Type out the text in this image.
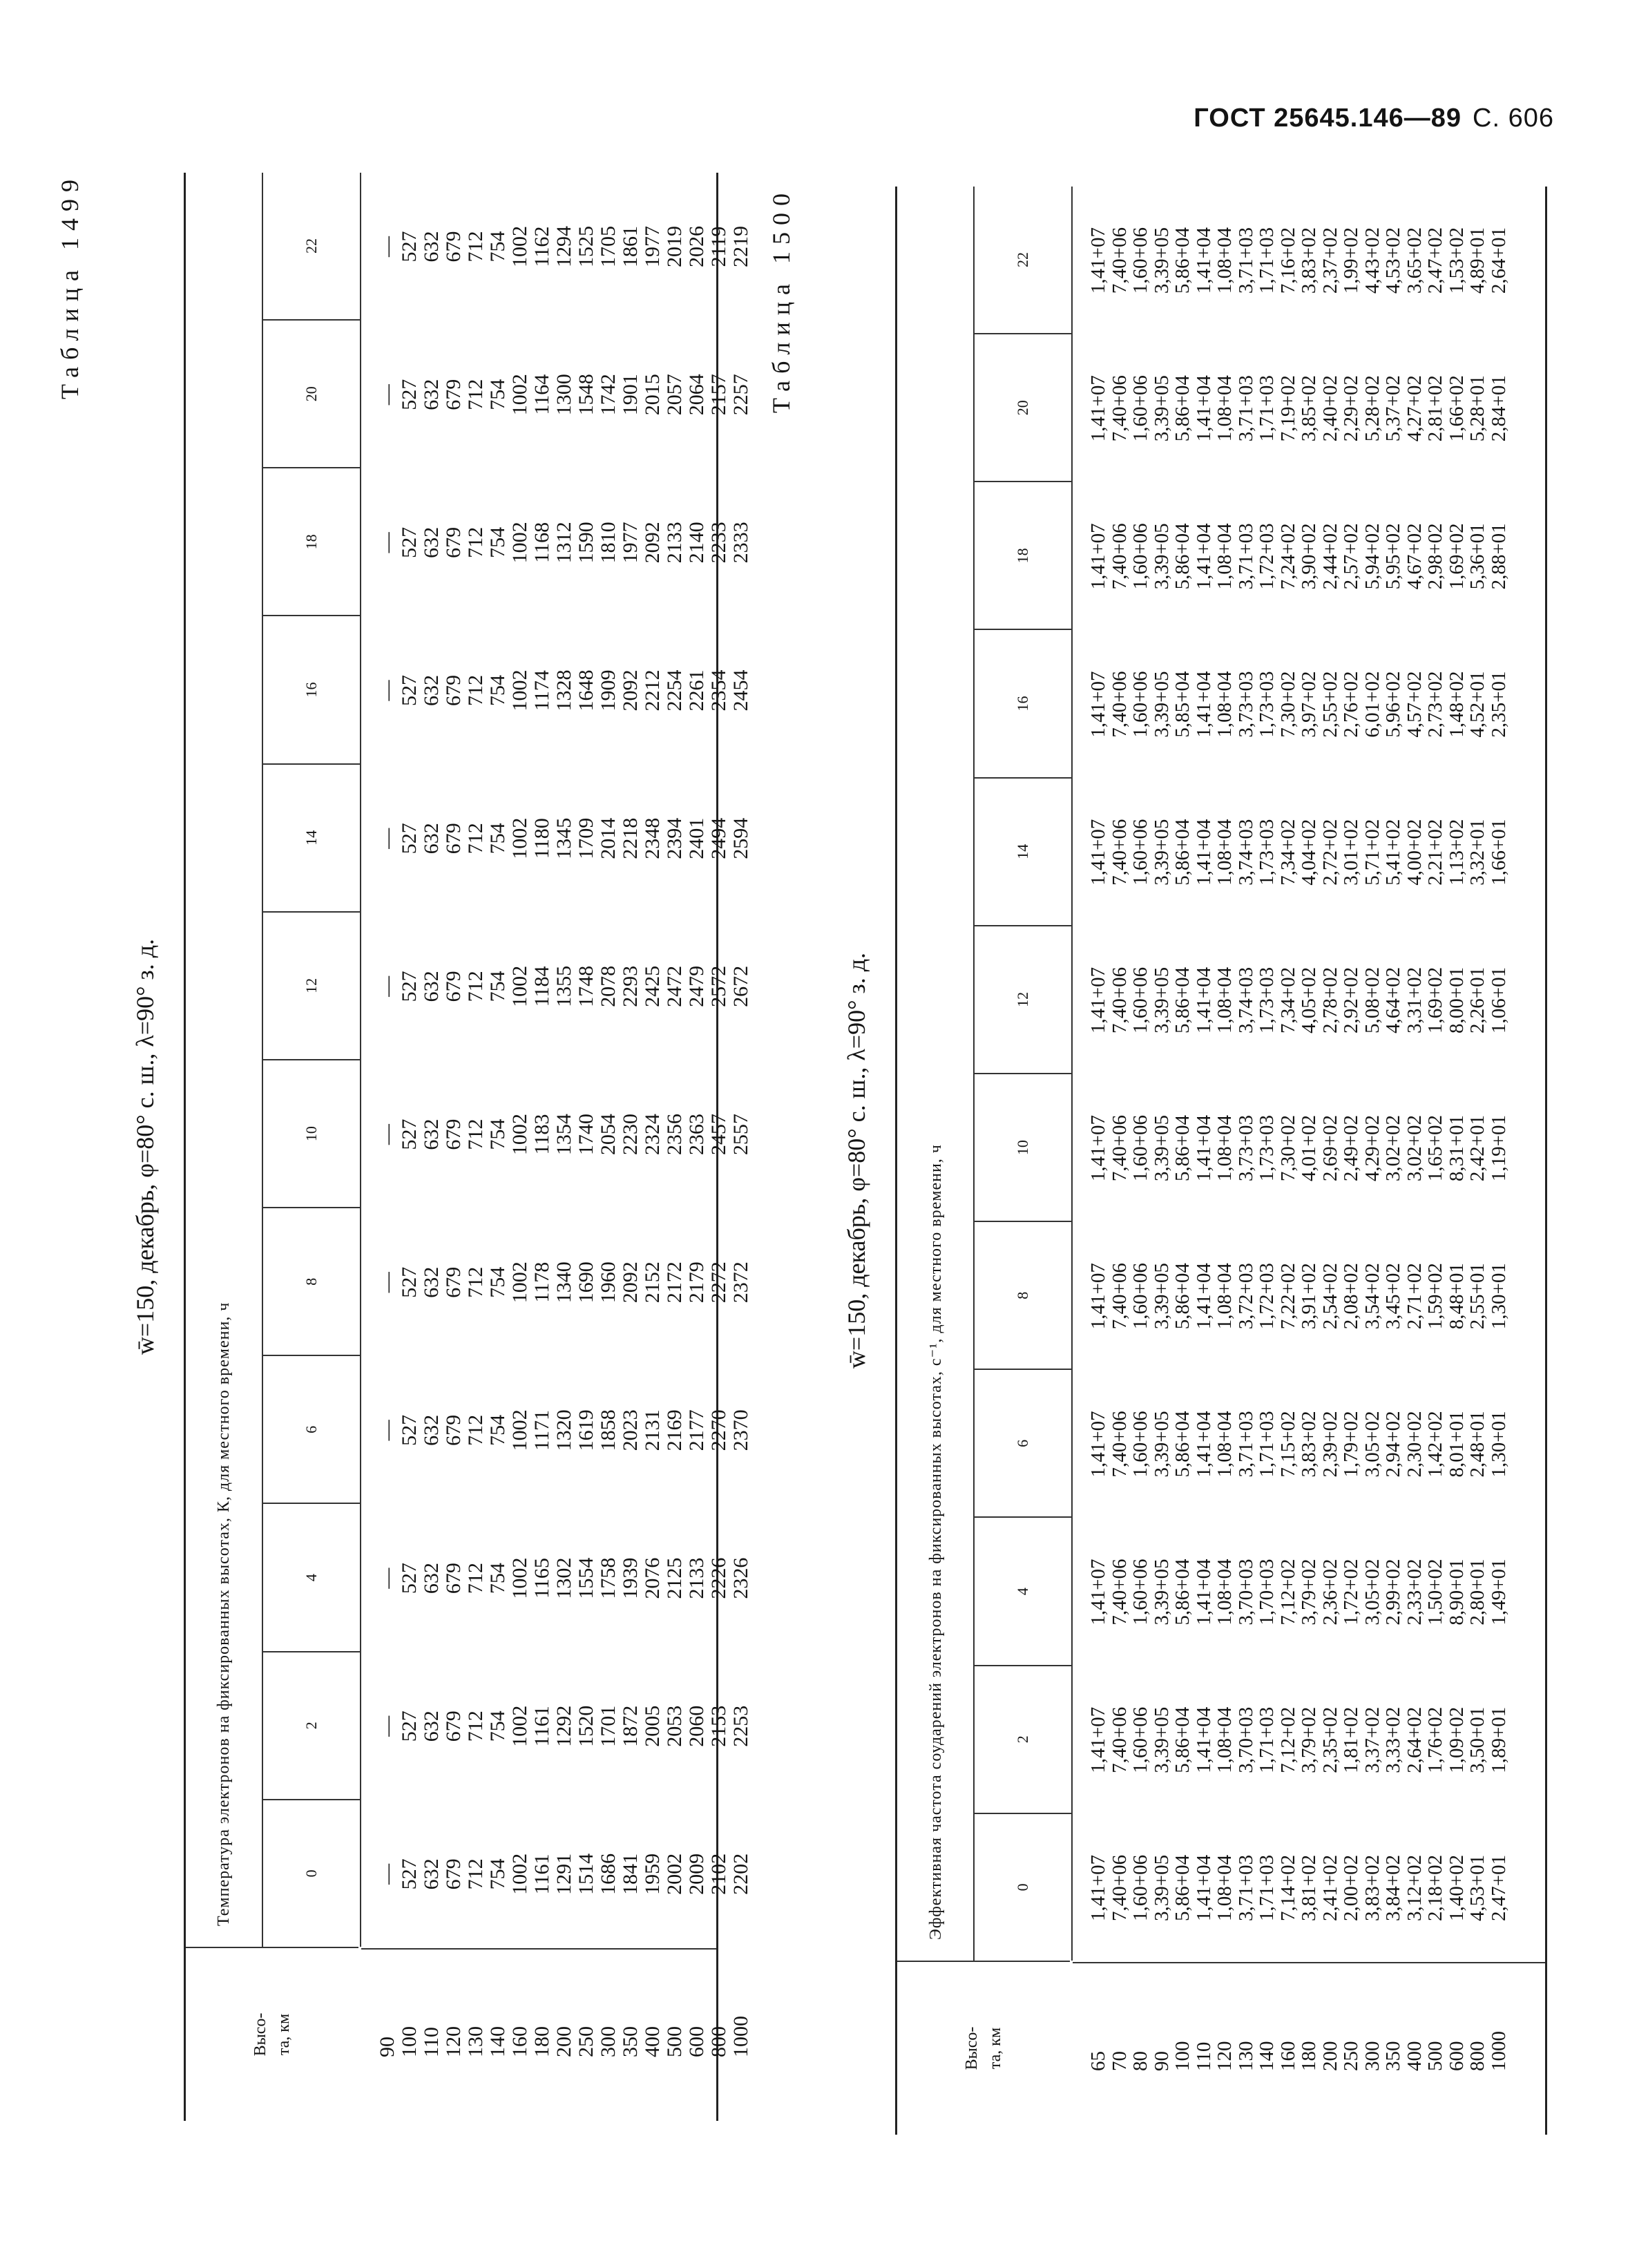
ГОСТ 25645.146—89 С. 606
Таблица 1499
w̄=150, декабрь, φ=80° с. ш., λ=90° з. д.
Высо-
та, км
Температура электронов на фиксированных высотах, К, для местного времени, ч	0
2
4
6
8
10
12
14
16
18
20
22
90 100 110 120 130 140 160 180 200 250 300 350 400 500 600 800 1000
— 527 632 679 712 754 1002 1161 1291 1514 1686 1841 1959 2002 2009 2102 2202
— 527 632 679 712 754 1002 1161 1292 1520 1701 1872 2005 2053 2060 2153 2253
— 527 632 679 712 754 1002 1165 1302 1554 1758 1939 2076 2125 2133 2226 2326
— 527 632 679 712 754 1002 1171 1320 1619 1858 2023 2131 2169 2177 2270 2370
— 527 632 679 712 754 1002 1178 1340 1690 1960 2092 2152 2172 2179 2272 2372
— 527 632 679 712 754 1002 1183 1354 1740 2054 2230 2324 2356 2363 2457 2557
— 527 632 679 712 754 1002 1184 1355 1748 2078 2293 2425 2472 2479 2572 2672
— 527 632 679 712 754 1002 1180 1345 1709 2014 2218 2348 2394 2401 2494 2594
— 527 632 679 712 754 1002 1174 1328 1648 1909 2092 2212 2254 2261 2354 2454
— 527 632 679 712 754 1002 1168 1312 1590 1810 1977 2092 2133 2140 2233 2333
— 527 632 679 712 754 1002 1164 1300 1548 1742 1901 2015 2057 2064 2157 2257
— 527 632 679 712 754 1002 1162 1294 1525 1705 1861 1977 2019 2026 2119 2219 Таблица 1500
w̄=150, декабрь, φ=80° с. ш., λ=90° з. д.
Высо-
та, км
Эффективная частота соударений электронов на фиксированных высотах, с⁻¹, для местного времени, ч	0
2
4
6
8
10
12
14
16
18
20
22
65
70
80
90
100
110
120
130
140
160
180
200
250
300
350
400
500
600
800
1000
1,41+07
7,40+06
1,60+06
3,39+05
5,86+04
1,41+04
1,08+04
3,71+03
1,71+03
7,14+02
3,81+02
2,41+02
2,00+02
3,83+02
3,84+02
3,12+02
2,18+02
1,40+02
4,53+01
2,47+01
1,41+07
7,40+06
1,60+06
3,39+05
5,86+04
1,41+04
1,08+04
3,70+03
1,71+03
7,12+02
3,79+02
2,35+02
1,81+02
3,37+02
3,33+02
2,64+02
1,76+02
1,09+02
3,50+01
1,89+01
1,41+07
7,40+06
1,60+06
3,39+05
5,86+04
1,41+04
1,08+04
3,70+03
1,70+03
7,12+02
3,79+02
2,36+02
1,72+02
3,05+02
2,99+02
2,33+02
1,50+02
8,90+01
2,80+01
1,49+01
1,41+07
7,40+06
1,60+06
3,39+05
5,86+04
1,41+04
1,08+04
3,71+03
1,71+03
7,15+02
3,83+02
2,39+02
1,79+02
3,05+02
2,94+02
2,30+02
1,42+02
8,01+01
2,48+01
1,30+01
1,41+07
7,40+06
1,60+06
3,39+05
5,86+04
1,41+04
1,08+04
3,72+03
1,72+03
7,22+02
3,91+02
2,54+02
2,08+02
3,54+02
3,45+02
2,71+02
1,59+02
8,48+01
2,55+01
1,30+01
1,41+07
7,40+06
1,60+06
3,39+05
5,86+04
1,41+04
1,08+04
3,73+03
1,73+03
7,30+02
4,01+02
2,69+02
2,49+02
4,29+02
3,02+02
3,02+02
1,65+02
8,31+01
2,42+01
1,19+01
1,41+07
7,40+06
1,60+06
3,39+05
5,86+04
1,41+04
1,08+04
3,74+03
1,73+03
7,34+02
4,05+02
2,78+02
2,92+02
5,08+02
4,64+02
3,31+02
1,69+02
8,00+01
2,26+01
1,06+01
1,41+07
7,40+06
1,60+06
3,39+05
5,86+04
1,41+04
1,08+04
3,74+03
1,73+03
7,34+02
4,04+02
2,72+02
3,01+02
5,71+02
5,41+02
4,00+02
2,21+02
1,13+02
3,32+01
1,66+01
1,41+07
7,40+06
1,60+06
3,39+05
5,85+04
1,41+04
1,08+04
3,73+03
1,73+03
7,30+02
3,97+02
2,55+02
2,76+02
6,01+02
5,96+02
4,57+02
2,73+02
1,48+02
4,52+01
2,35+01
1,41+07
7,40+06
1,60+06
3,39+05
5,86+04
1,41+04
1,08+04
3,71+03
1,72+03
7,24+02
3,90+02
2,44+02
2,57+02
5,94+02
5,95+02
4,67+02
2,98+02
1,69+02
5,36+01
2,88+01
1,41+07
7,40+06
1,60+06
3,39+05
5,86+04
1,41+04
1,08+04
3,71+03
1,71+03
7,19+02
3,85+02
2,40+02
2,29+02
5,28+02
5,37+02
4,27+02
2,81+02
1,66+02
5,28+01
2,84+01
1,41+07
7,40+06
1,60+06
3,39+05
5,86+04
1,41+04
1,08+04
3,71+03
1,71+03
7,16+02
3,83+02
2,37+02
1,99+02
4,43+02
4,53+02
3,65+02
2,47+02
1,53+02
4,89+01
2,64+01
